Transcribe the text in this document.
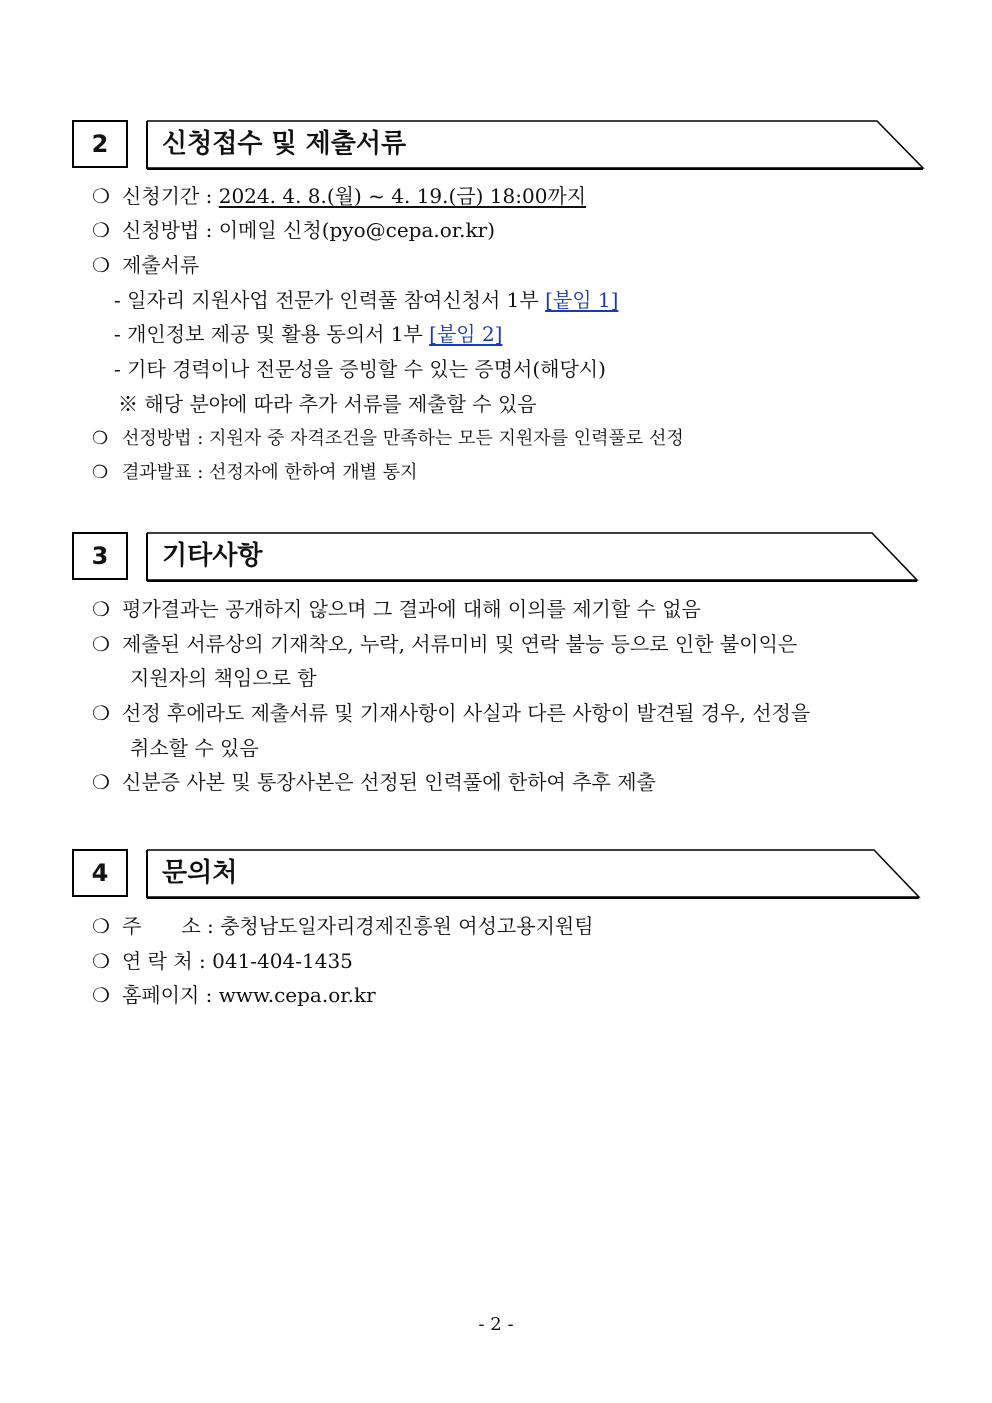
2	신청접수 및 제출서류
❍ 신청기간 : 2024. 4. 8.(월) ~ 4. 19.(금) 18:00까지
❍ 신청방법 : 이메일 신청(pyo@cepa.or.kr)
❍ 제출서류
- 일자리 지원사업 전문가 인력풀 참여신청서 1부 [붙임 1]
- 개인정보 제공 및 활용 동의서 1부 [붙임 2]
- 기타 경력이나 전문성을 증빙할 수 있는 증명서(해당시)
※ 해당 분야에 따라 추가 서류를 제출할 수 있음
❍ 선정방법 : 지원자 중 자격조건을 만족하는 모든 지원자를 인력풀로 선정
❍ 결과발표 : 선정자에 한하여 개별 통지
3	기타사항
❍ 평가결과는 공개하지 않으며 그 결과에 대해 이의를 제기할 수 없음
❍ 제출된 서류상의 기재착오, 누락, 서류미비 및 연락 불능 등으로 인한 불이익은
지원자의 책임으로 함
❍ 선정 후에라도 제출서류 및 기재사항이 사실과 다른 사항이 발견될 경우, 선정을
취소할 수 있음
❍ 신분증 사본 및 통장사본은 선정된 인력풀에 한하여 추후 제출
4	문의처
❍ 주　　소 : 충청남도일자리경제진흥원 여성고용지원팀
❍ 연 락 처 : 041-404-1435
❍ 홈페이지 : www.cepa.or.kr
- 2 -
